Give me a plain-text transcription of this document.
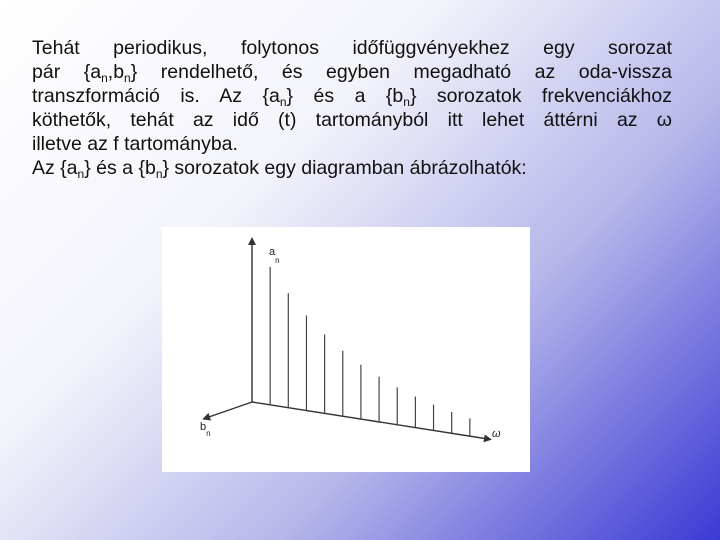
Tehát periodikus, folytonos időfüggvényekhez egy sorozat
pár $\{a_n,b_n\}$ rendelhető, és egyben megadható az oda-vissza
transzformáció is. Az $\{a_n\}$ és a $\{b_n\}$ sorozatok frekvenciákhoz
köthetők, tehát az idő (t) tartományból itt lehet áttérni az ω
illetve az f tartományba.
Az $\{a_n\}$ és a $\{b_n\}$ sorozatok egy diagramban ábrázolhatók:
$a_n$
$b_n$	ω
